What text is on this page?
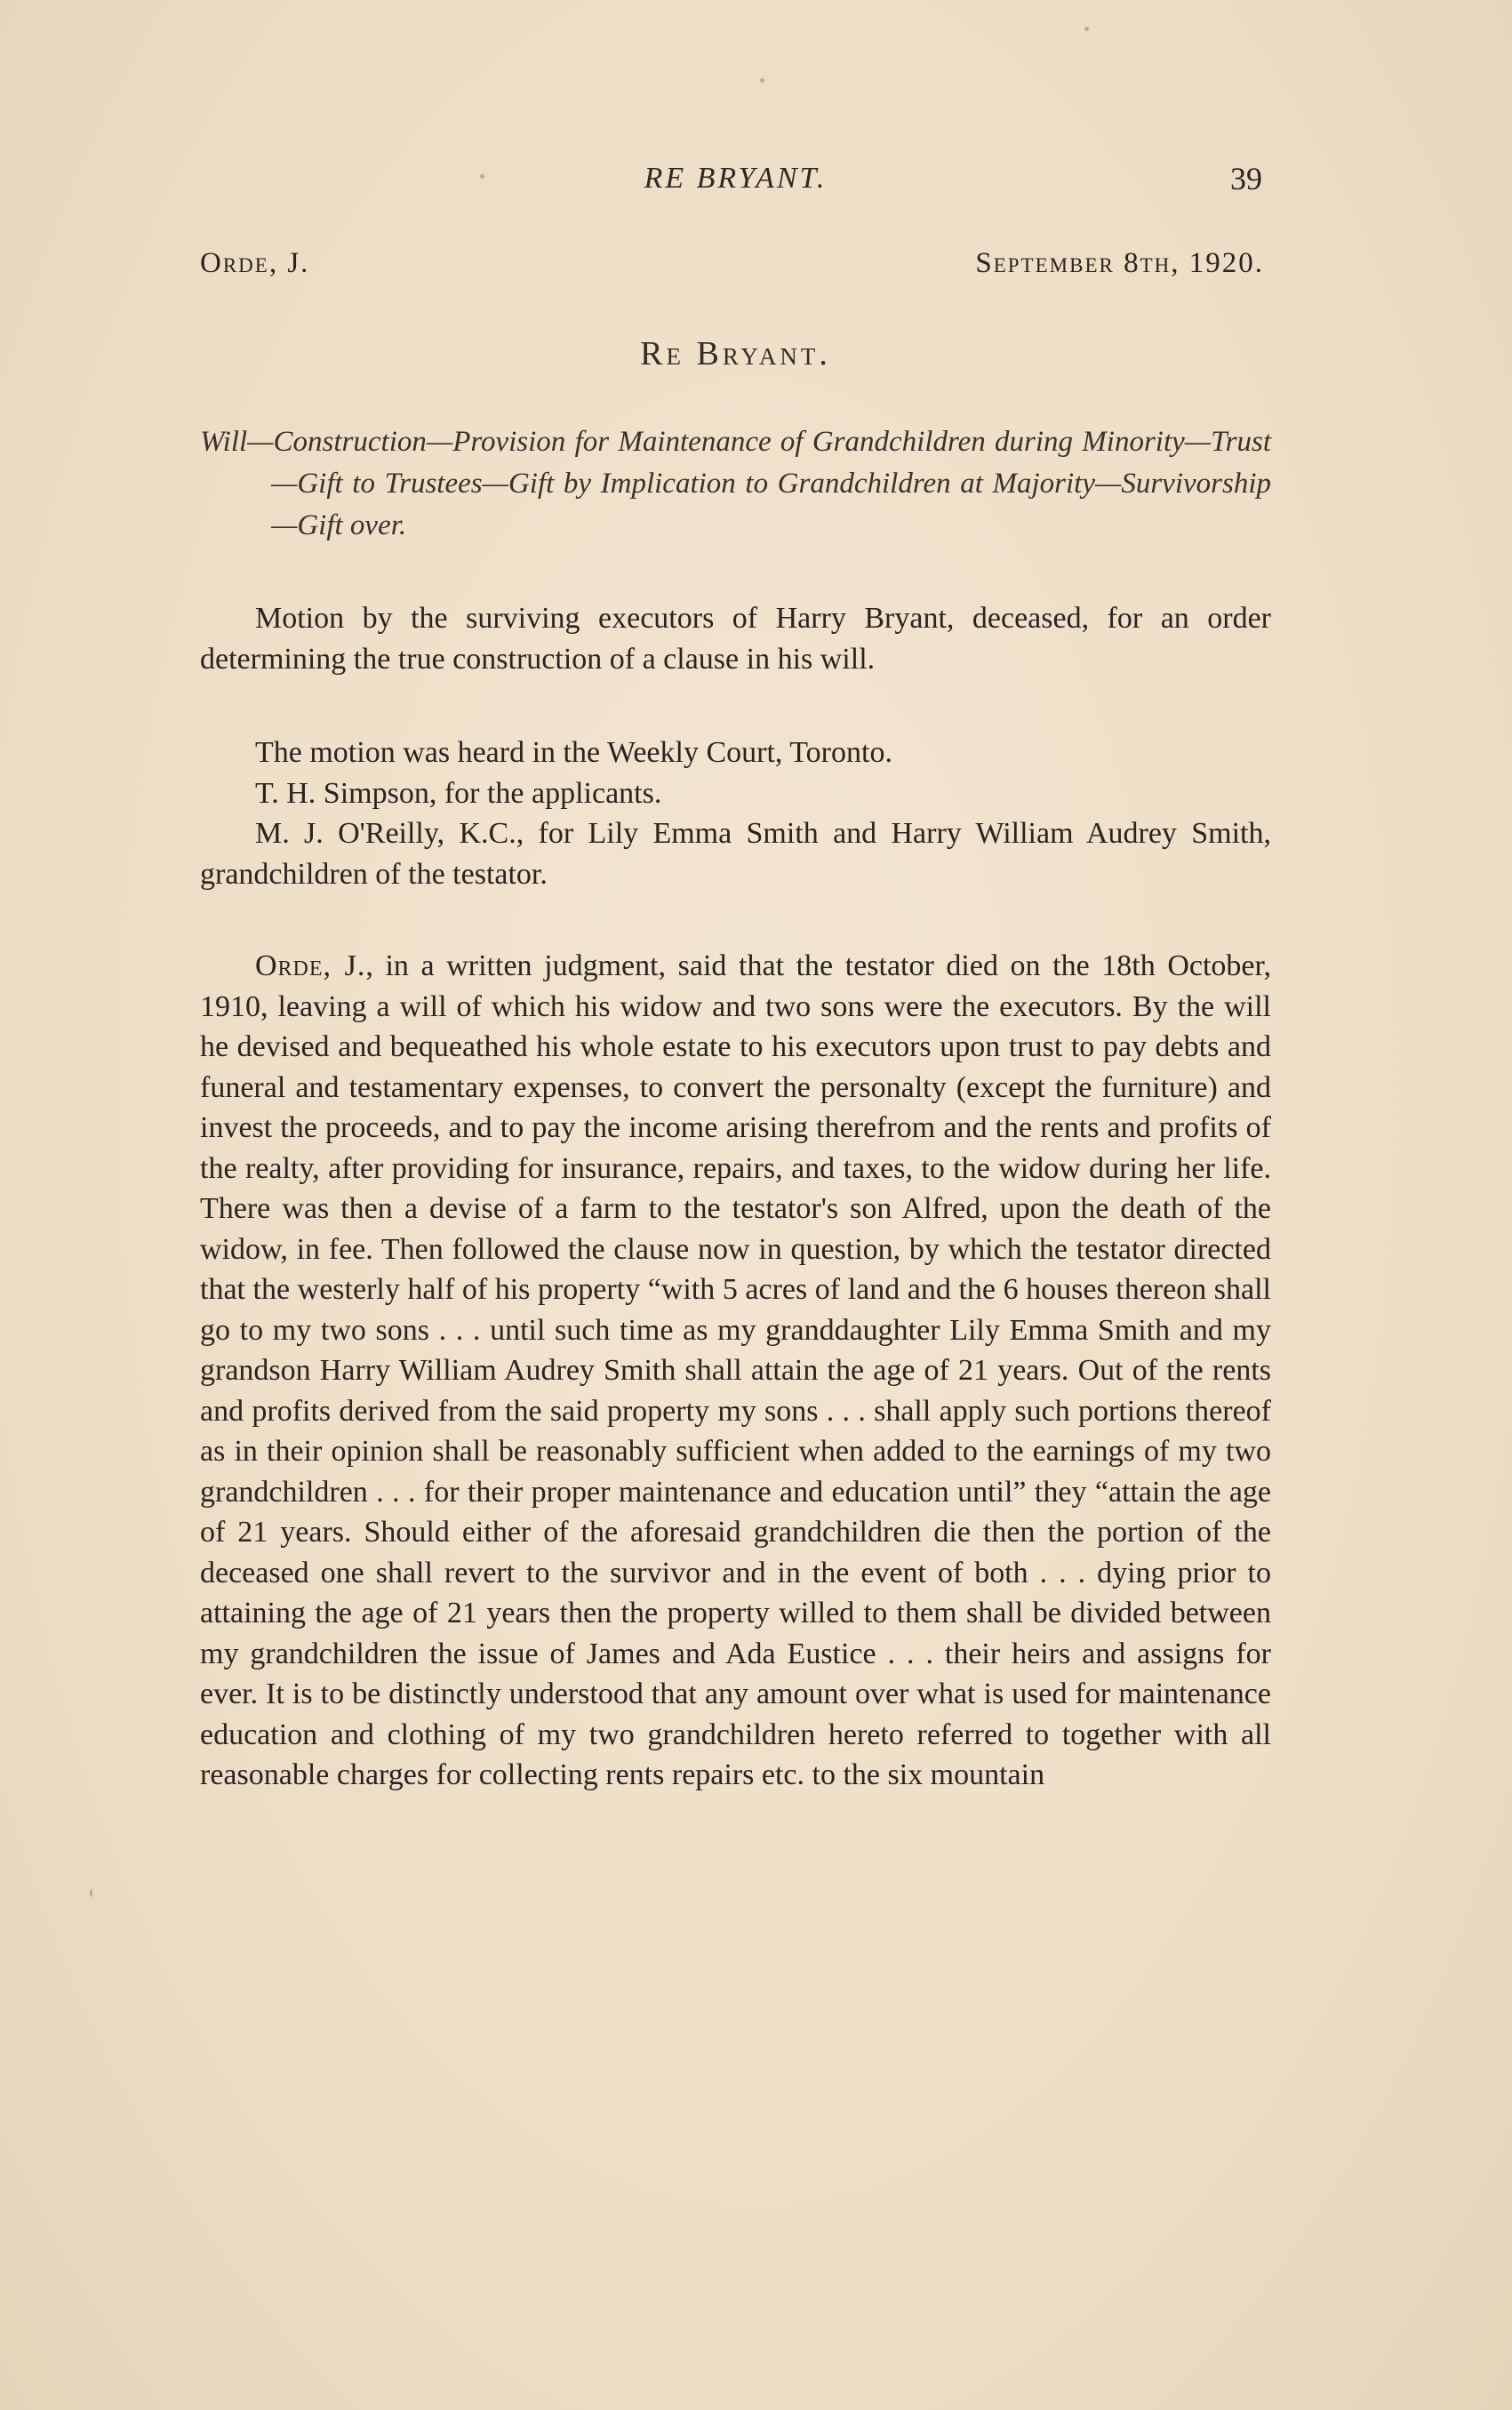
RE BRYANT.	39
Orde, J.	September 8th, 1920.
Re Bryant.
Will—Construction—Provision for Maintenance of Grandchildren during Minority—Trust—Gift to Trustees—Gift by Implication to Grandchildren at Majority—Survivorship—Gift over.

Motion by the surviving executors of Harry Bryant, deceased, for an order determining the true construction of a clause in his will.

The motion was heard in the Weekly Court, Toronto.

T. H. Simpson, for the applicants.

M. J. O'Reilly, K.C., for Lily Emma Smith and Harry William Audrey Smith, grandchildren of the testator.

Orde, J., in a written judgment, said that the testator died on the 18th October, 1910, leaving a will of which his widow and two sons were the executors. By the will he devised and bequeathed his whole estate to his executors upon trust to pay debts and funeral and testamentary expenses, to convert the personalty (except the furniture) and invest the proceeds, and to pay the income arising therefrom and the rents and profits of the realty, after providing for insurance, repairs, and taxes, to the widow during her life. There was then a devise of a farm to the testator's son Alfred, upon the death of the widow, in fee. Then followed the clause now in question, by which the testator directed that the westerly half of his property “with 5 acres of land and the 6 houses thereon shall go to my two sons . . . until such time as my granddaughter Lily Emma Smith and my grandson Harry William Audrey Smith shall attain the age of 21 years. Out of the rents and profits derived from the said property my sons . . . shall apply such portions thereof as in their opinion shall be reasonably sufficient when added to the earnings of my two grandchildren . . . for their proper maintenance and education until” they “attain the age of 21 years. Should either of the aforesaid grandchildren die then the portion of the deceased one shall revert to the survivor and in the event of both . . . dying prior to attaining the age of 21 years then the property willed to them shall be divided between my grandchildren the issue of James and Ada Eustice . . . their heirs and assigns for ever. It is to be distinctly understood that any amount over what is used for maintenance education and clothing of my two grandchildren hereto referred to together with all reasonable charges for collecting rents repairs etc. to the six mountain
